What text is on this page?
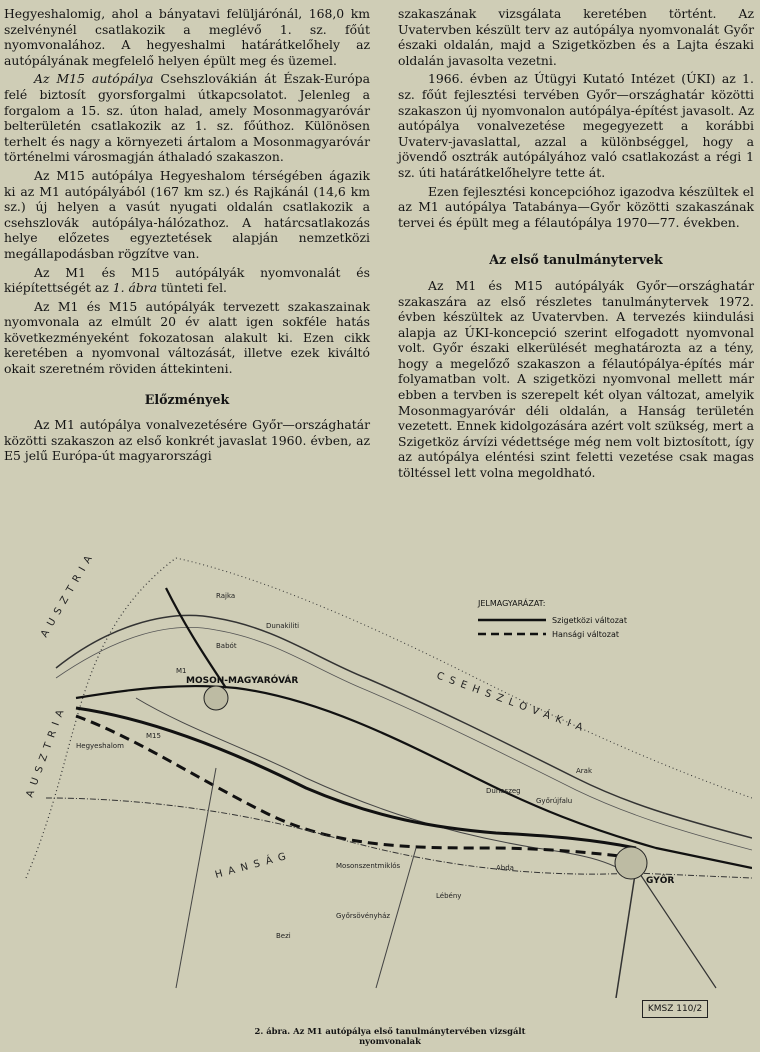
Hegyeshalomig, ahol a bányatavi felüljárónál, 168,0 km szelvénynél csatlakozik a meglévő 1. sz. főút nyomvonalához. A hegyeshalmi határátkelőhely az autópályának megfelelő helyen épült meg és üzemel.

Az M15 autópálya Csehszlovákián át Észak-Európa felé biztosít gyorsforgalmi útkapcsolatot. Jelenleg a forgalom a 15. sz. úton halad, amely Mosonmagyaróvár belterületén csatlakozik az 1. sz. főúthoz. Különösen terhelt és nagy a környezeti ártalom a Mosonmagyaróvár történelmi városmagján áthaladó szakaszon.

Az M15 autópálya Hegyeshalom térségében ágazik ki az M1 autópályából (167 km sz.) és Rajkánál (14,6 km sz.) új helyen a vasút nyugati oldalán csatlakozik a csehszlovák autópálya-hálózathoz. A határcsatlakozás helye előzetes egyeztetések alapján nemzetközi megállapodásban rögzítve van.

Az M1 és M15 autópályák nyomvonalát és kiépítettségét az 1. ábra tünteti fel.

Az M1 és M15 autópályák tervezett szakaszainak nyomvonala az elmúlt 20 év alatt igen sokféle hatás következményeként fokozatosan alakult ki. Ezen cikk keretében a nyomvonal változását, illetve ezek kiváltó okait szeretném röviden áttekinteni.

Előzmények

Az M1 autópálya vonalvezetésére Győr—országhatár közötti szakaszon az első konkrét javaslat 1960. évben, az E5 jelű Európa-út magyarországi

szakaszának vizsgálata keretében történt. Az Uvatervben készült terv az autópálya nyomvonalát Győr északi oldalán, majd a Szigetközben és a Lajta északi oldalán javasolta vezetni.

1966. évben az Útügyi Kutató Intézet (ÚKI) az 1. sz. főút fejlesztési tervében Győr—országhatár közötti szakaszon új nyomvonalon autópálya-építést javasolt. Az autópálya vonalvezetése megegyezett a korábbi Uvaterv-javaslattal, azzal a különbséggel, hogy a jövendő osztrák autópályához való csatlakozást a régi 1 sz. úti határátkelőhelyre tette át.

Ezen fejlesztési koncepcióhoz igazodva készültek el az M1 autópálya Tatabánya—Győr közötti szakaszának tervei és épült meg a félautópálya 1970—77. években.

Az első tanulmánytervek

Az M1 és M15 autópályák Győr—országhatár szakaszára az első részletes tanulmánytervek 1972. évben készültek az Uvatervben. A tervezés kiindulási alapja az ÚKI-koncepció szerint elfogadott nyomvonal volt. Győr északi elkerülését meghatározta az a tény, hogy a megelőző szakaszon a félautópálya-építés már folyamatban volt. A szigetközi nyomvonal mellett már ebben a tervben is szerepelt két olyan változat, amelyik Mosonmagyaróvár déli oldalán, a Hanság területén vezetett. Ennek kidolgozására azért volt szükség, mert a Szigetköz árvízi védettsége még nem volt biztosított, így az autópálya eléntési szint feletti vezetése csak magas töltéssel lett volna megoldható.

JELMAGYARÁZAT:
Szigetközi változat
Hansági változat
AUSZTRIA
AUSZTRIA	CSEHSZLOVÁKIA
HANSÁG
MOSON-MAGYARÓVÁR
GYŐR
M1
M15
Lébény
Abda
Babót
Arak
Győrújfalu
Rajka
Hegyeshalom
Mosonszentmiklós
Dunakiliti
Dunaszeg
Győrsövényház
Bezi
KMSZ 110/2
2. ábra. Az M1 autópálya első tanulmánytervében vizsgált
nyomvonalak
